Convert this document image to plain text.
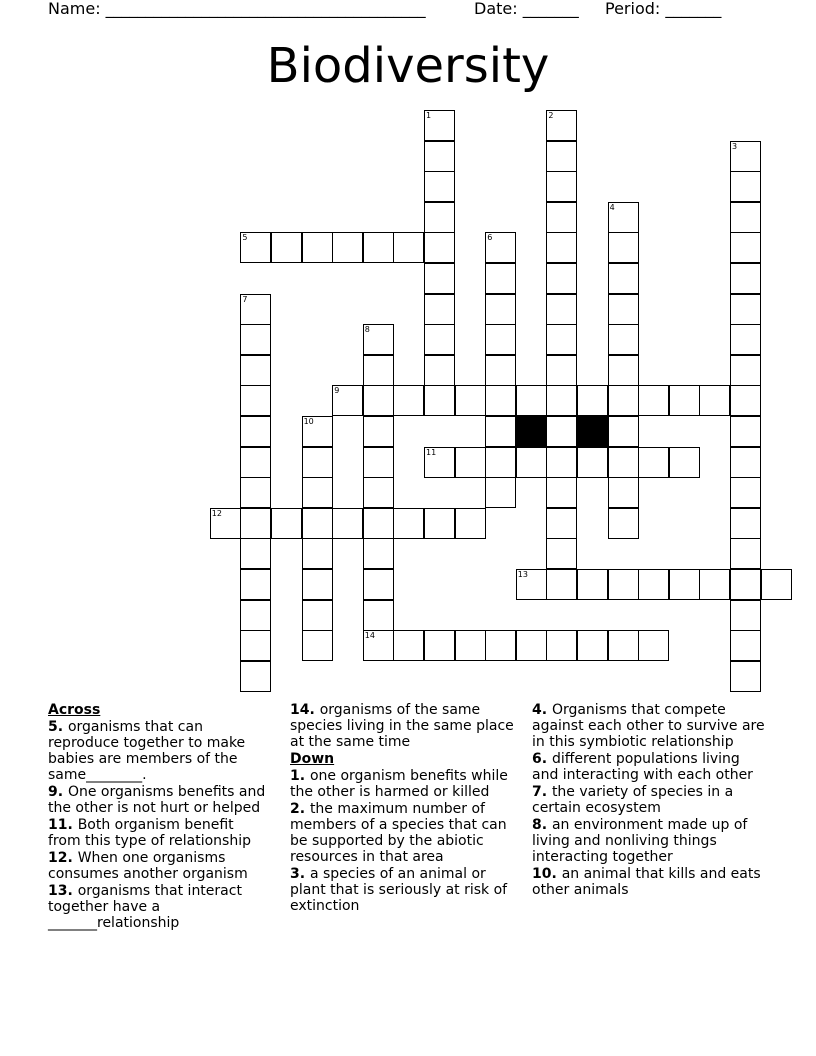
Name: ________________________________________	Date: _______ Period: _______
Biodiversity
1	2
3
4
5	6
7
8
9
10
11
12
13
14
Across
5. organisms that can reproduce together to make babies are members of the same________.
9. One organisms benefits and the other is not hurt or helped
11. Both organism benefit from this type of relationship
12. When one organisms consumes another organism
13. organisms that interact together have a _______relationship
14. organisms of the same species living in the same place at the same time
Down
1. one organism benefits while the other is harmed or killed
2. the maximum number of members of a species that can be supported by the abiotic resources in that area
3. a species of an animal or plant that is seriously at risk of extinction
4. Organisms that compete against each other to survive are in this symbiotic relationship
6. different populations living and interacting with each other
7. the variety of species in a certain ecosystem
8. an environment made up of living and nonliving things interacting together
10. an animal that kills and eats other animals
